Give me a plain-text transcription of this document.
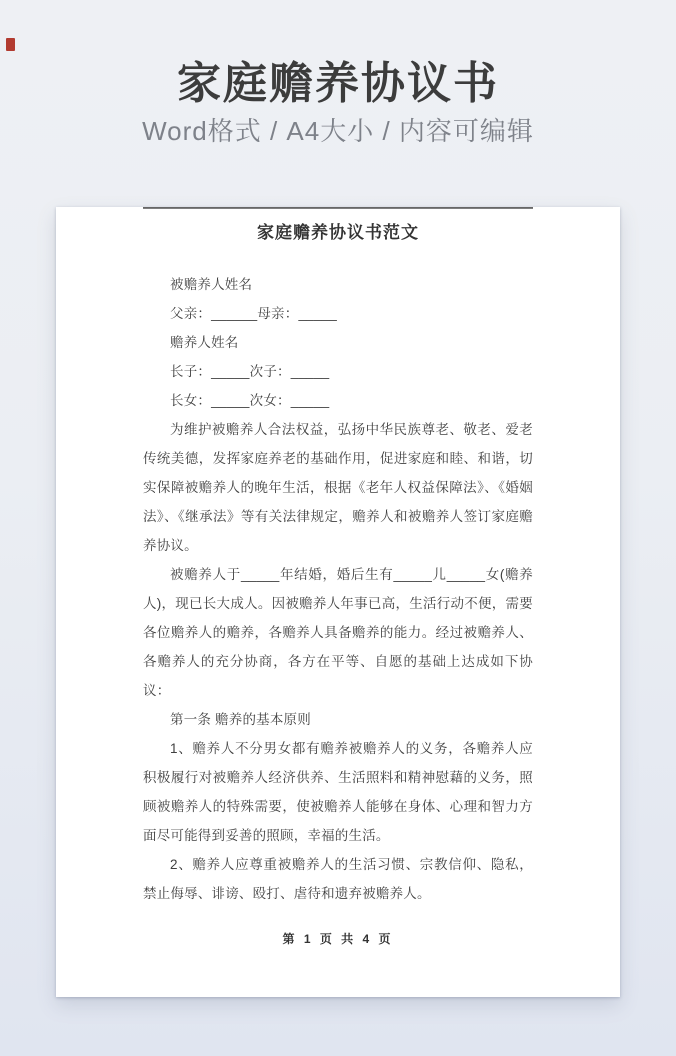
家庭赡养协议书
Word格式 / A4大小 / 内容可编辑
家庭赡养协议书范文

被赡养人姓名

父亲：______母亲：_____

赡养人姓名

长子：_____次子：_____

长女：_____次女：_____

为维护被赡养人合法权益，弘扬中华民族尊老、敬老、爱老传统美德，发挥家庭养老的基础作用，促进家庭和睦、和谐，切实保障被赡养人的晚年生活，根据《老年人权益保障法》、《婚姻法》、《继承法》等有关法律规定，赡养人和被赡养人签订家庭赡养协议。

被赡养人于_____年结婚，婚后生有_____儿_____女(赡养人)，现已长大成人。因被赡养人年事已高，生活行动不便，需要各位赡养人的赡养，各赡养人具备赡养的能力。经过被赡养人、各赡养人的充分协商，各方在平等、自愿的基础上达成如下协议：

第一条 赡养的基本原则

1、赡养人不分男女都有赡养被赡养人的义务，各赡养人应积极履行对被赡养人经济供养、生活照料和精神慰藉的义务，照顾被赡养人的特殊需要，使被赡养人能够在身体、心理和智力方面尽可能得到妥善的照顾，幸福的生活。

2、赡养人应尊重被赡养人的生活习惯、宗教信仰、隐私，禁止侮辱、诽谤、殴打、虐待和遗弃被赡养人。

第 1 页 共 4 页
